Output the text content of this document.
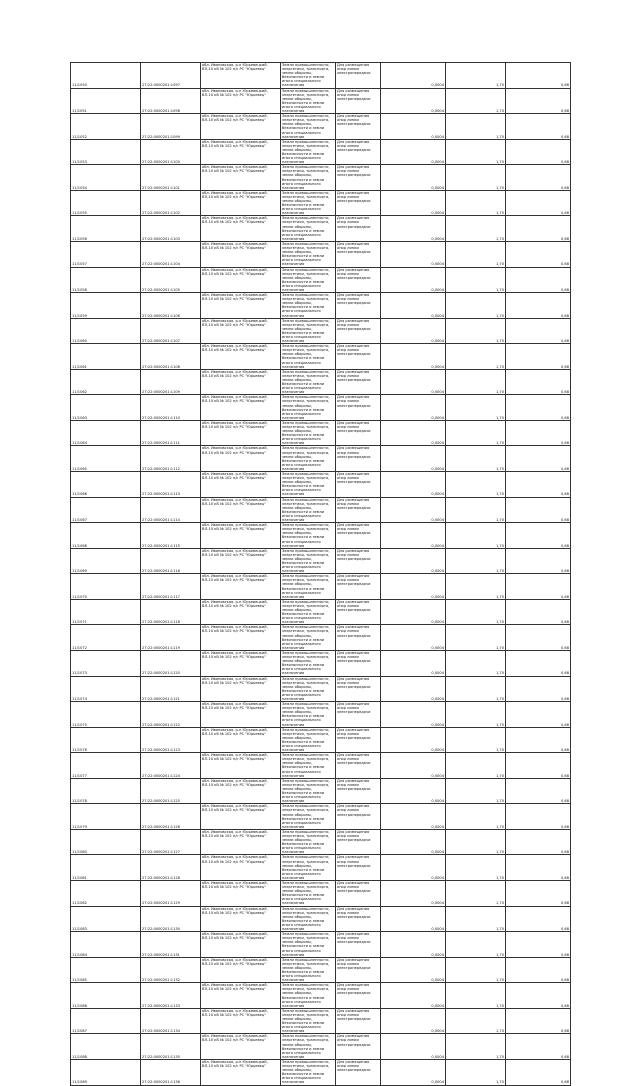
11/1050	27:22:0000201:1097	обл. Ивановская, р-н Юрьевецкий, ВЛ-10 кВ № 102 п/с РС "Юрьевец"	Земли промышленности, энергетики, транспорта, земли обороны, безопасности и земли иного специального назначения	Для размещения опор линии электропередачи	0,0004	1,70	0,68
11/1051	27:22:0000201:1098	обл. Ивановская, р-н Юрьевецкий, ВЛ-10 кВ № 102 п/с РС "Юрьевец"	Земли промышленности, энергетики, транспорта, земли обороны, безопасности и земли иного специального назначения	Для размещения опор линии электропередачи	0,0004	1,70	0,68
11/1052	27:22:0000201:1099	обл. Ивановская, р-н Юрьевецкий, ВЛ-10 кВ № 102 п/с РС "Юрьевец"	Земли промышленности, энергетики, транспорта, земли обороны, безопасности и земли иного специального назначения	Для размещения опор линии электропередачи	0,0004	1,70	0,68
11/1053	27:22:0000201:1100	обл. Ивановская, р-н Юрьевецкий, ВЛ-10 кВ № 102 п/с РС "Юрьевец"	Земли промышленности, энергетики, транспорта, земли обороны, безопасности и земли иного специального назначения	Для размещения опор линии электропередачи	0,0004	1,70	0,68
11/1054	27:22:0000201:1101	обл. Ивановская, р-н Юрьевецкий, ВЛ-10 кВ № 102 п/с РС "Юрьевец"	Земли промышленности, энергетики, транспорта, земли обороны, безопасности и земли иного специального назначения	Для размещения опор линии электропередачи	0,0004	1,70	0,68
11/1055	27:22:0000201:1102	обл. Ивановская, р-н Юрьевецкий, ВЛ-10 кВ № 102 п/с РС "Юрьевец"	Земли промышленности, энергетики, транспорта, земли обороны, безопасности и земли иного специального назначения	Для размещения опор линии электропередачи	0,0004	1,70	0,68
11/1056	27:22:0000201:1103	обл. Ивановская, р-н Юрьевецкий, ВЛ-10 кВ № 102 п/с РС "Юрьевец"	Земли промышленности, энергетики, транспорта, земли обороны, безопасности и земли иного специального назначения	Для размещения опор линии электропередачи	0,0004	1,70	0,68
11/1057	27:22:0000201:1104	обл. Ивановская, р-н Юрьевецкий, ВЛ-10 кВ № 102 п/с РС "Юрьевец"	Земли промышленности, энергетики, транспорта, земли обороны, безопасности и земли иного специального назначения	Для размещения опор линии электропередачи	0,0004	1,70	0,68
11/1058	27:22:0000201:1105	обл. Ивановская, р-н Юрьевецкий, ВЛ-10 кВ № 102 п/с РС "Юрьевец"	Земли промышленности, энергетики, транспорта, земли обороны, безопасности и земли иного специального назначения	Для размещения опор линии электропередачи	0,0004	1,70	0,68
11/1059	27:22:0000201:1106	обл. Ивановская, р-н Юрьевецкий, ВЛ-10 кВ № 102 п/с РС "Юрьевец"	Земли промышленности, энергетики, транспорта, земли обороны, безопасности и земли иного специального назначения	Для размещения опор линии электропередачи	0,0004	1,70	0,68
11/1060	27:22:0000201:1107	обл. Ивановская, р-н Юрьевецкий, ВЛ-10 кВ № 102 п/с РС "Юрьевец"	Земли промышленности, энергетики, транспорта, земли обороны, безопасности и земли иного специального назначения	Для размещения опор линии электропередачи	0,0004	1,70	0,68
11/1061	27:22:0000201:1108	обл. Ивановская, р-н Юрьевецкий, ВЛ-10 кВ № 102 п/с РС "Юрьевец"	Земли промышленности, энергетики, транспорта, земли обороны, безопасности и земли иного специального назначения	Для размещения опор линии электропередачи	0,0004	1,70	0,68
11/1062	27:22:0000201:1109	обл. Ивановская, р-н Юрьевецкий, ВЛ-10 кВ № 102 п/с РС "Юрьевец"	Земли промышленности, энергетики, транспорта, земли обороны, безопасности и земли иного специального назначения	Для размещения опор линии электропередачи	0,0004	1,70	0,68
11/1063	27:22:0000201:1110	обл. Ивановская, р-н Юрьевецкий, ВЛ-10 кВ № 102 п/с РС "Юрьевец"	Земли промышленности, энергетики, транспорта, земли обороны, безопасности и земли иного специального назначения	Для размещения опор линии электропередачи	0,0004	1,70	0,68
11/1064	27:22:0000201:1111	обл. Ивановская, р-н Юрьевецкий, ВЛ-10 кВ № 102 п/с РС "Юрьевец"	Земли промышленности, энергетики, транспорта, земли обороны, безопасности и земли иного специального назначения	Для размещения опор линии электропередачи	0,0004	1,70	0,68
11/1065	27:22:0000201:1112	обл. Ивановская, р-н Юрьевецкий, ВЛ-10 кВ № 102 п/с РС "Юрьевец"	Земли промышленности, энергетики, транспорта, земли обороны, безопасности и земли иного специального назначения	Для размещения опор линии электропередачи	0,0004	1,70	0,68
11/1066	27:22:0000201:1113	обл. Ивановская, р-н Юрьевецкий, ВЛ-10 кВ № 102 п/с РС "Юрьевец"	Земли промышленности, энергетики, транспорта, земли обороны, безопасности и земли иного специального назначения	Для размещения опор линии электропередачи	0,0004	1,70	0,68
11/1067	27:22:0000201:1114	обл. Ивановская, р-н Юрьевецкий, ВЛ-10 кВ № 102 п/с РС "Юрьевец"	Земли промышленности, энергетики, транспорта, земли обороны, безопасности и земли иного специального назначения	Для размещения опор линии электропередачи	0,0004	1,70	0,68
11/1068	27:22:0000201:1115	обл. Ивановская, р-н Юрьевецкий, ВЛ-10 кВ № 102 п/с РС "Юрьевец"	Земли промышленности, энергетики, транспорта, земли обороны, безопасности и земли иного специального назначения	Для размещения опор линии электропередачи	0,0004	1,70	0,68
11/1069	27:22:0000201:1116	обл. Ивановская, р-н Юрьевецкий, ВЛ-10 кВ № 102 п/с РС "Юрьевец"	Земли промышленности, энергетики, транспорта, земли обороны, безопасности и земли иного специального назначения	Для размещения опор линии электропередачи	0,0004	1,70	0,68
11/1070	27:22:0000201:1117	обл. Ивановская, р-н Юрьевецкий, ВЛ-10 кВ № 102 п/с РС "Юрьевец"	Земли промышленности, энергетики, транспорта, земли обороны, безопасности и земли иного специального назначения	Для размещения опор линии электропередачи	0,0004	1,70	0,68
11/1071	27:22:0000201:1118	обл. Ивановская, р-н Юрьевецкий, ВЛ-10 кВ № 102 п/с РС "Юрьевец"	Земли промышленности, энергетики, транспорта, земли обороны, безопасности и земли иного специального назначения	Для размещения опор линии электропередачи	0,0004	1,70	0,68
11/1072	27:22:0000201:1119	обл. Ивановская, р-н Юрьевецкий, ВЛ-10 кВ № 102 п/с РС "Юрьевец"	Земли промышленности, энергетики, транспорта, земли обороны, безопасности и земли иного специального назначения	Для размещения опор линии электропередачи	0,0004	1,70	0,68
11/1073	27:22:0000201:1120	обл. Ивановская, р-н Юрьевецкий, ВЛ-10 кВ № 102 п/с РС "Юрьевец"	Земли промышленности, энергетики, транспорта, земли обороны, безопасности и земли иного специального назначения	Для размещения опор линии электропередачи	0,0004	1,70	0,68
11/1074	27:22:0000201:1121	обл. Ивановская, р-н Юрьевецкий, ВЛ-10 кВ № 102 п/с РС "Юрьевец"	Земли промышленности, энергетики, транспорта, земли обороны, безопасности и земли иного специального назначения	Для размещения опор линии электропередачи	0,0004	1,70	0,68
11/1075	27:22:0000201:1122	обл. Ивановская, р-н Юрьевецкий, ВЛ-10 кВ № 102 п/с РС "Юрьевец"	Земли промышленности, энергетики, транспорта, земли обороны, безопасности и земли иного специального назначения	Для размещения опор линии электропередачи	0,0004	1,70	0,68
11/1076	27:22:0000201:1123	обл. Ивановская, р-н Юрьевецкий, ВЛ-10 кВ № 102 п/с РС "Юрьевец"	Земли промышленности, энергетики, транспорта, земли обороны, безопасности и земли иного специального назначения	Для размещения опор линии электропередачи	0,0004	1,70	0,68
11/1077	27:22:0000201:1124	обл. Ивановская, р-н Юрьевецкий, ВЛ-10 кВ № 102 п/с РС "Юрьевец"	Земли промышленности, энергетики, транспорта, земли обороны, безопасности и земли иного специального назначения	Для размещения опор линии электропередачи	0,0004	1,70	0,68
11/1078	27:22:0000201:1125	обл. Ивановская, р-н Юрьевецкий, ВЛ-10 кВ № 102 п/с РС "Юрьевец"	Земли промышленности, энергетики, транспорта, земли обороны, безопасности и земли иного специального назначения	Для размещения опор линии электропередачи	0,0004	1,70	0,68
11/1079	27:22:0000201:1126	обл. Ивановская, р-н Юрьевецкий, ВЛ-10 кВ № 102 п/с РС "Юрьевец"	Земли промышленности, энергетики, транспорта, земли обороны, безопасности и земли иного специального назначения	Для размещения опор линии электропередачи	0,0004	1,70	0,68
11/1080	27:22:0000201:1127	обл. Ивановская, р-н Юрьевецкий, ВЛ-10 кВ № 102 п/с РС "Юрьевец"	Земли промышленности, энергетики, транспорта, земли обороны, безопасности и земли иного специального назначения	Для размещения опор линии электропередачи	0,0004	1,70	0,68
11/1081	27:22:0000201:1128	обл. Ивановская, р-н Юрьевецкий, ВЛ-10 кВ № 102 п/с РС "Юрьевец"	Земли промышленности, энергетики, транспорта, земли обороны, безопасности и земли иного специального назначения	Для размещения опор линии электропередачи	0,0004	1,70	0,68
11/1082	27:22:0000201:1129	обл. Ивановская, р-н Юрьевецкий, ВЛ-10 кВ № 102 п/с РС "Юрьевец"	Земли промышленности, энергетики, транспорта, земли обороны, безопасности и земли иного специального назначения	Для размещения опор линии электропередачи	0,0004	1,70	0,68
11/1083	27:22:0000201:1130	обл. Ивановская, р-н Юрьевецкий, ВЛ-10 кВ № 102 п/с РС "Юрьевец"	Земли промышленности, энергетики, транспорта, земли обороны, безопасности и земли иного специального назначения	Для размещения опор линии электропередачи	0,0004	1,70	0,68
11/1084	27:22:0000201:1131	обл. Ивановская, р-н Юрьевецкий, ВЛ-10 кВ № 102 п/с РС "Юрьевец"	Земли промышленности, энергетики, транспорта, земли обороны, безопасности и земли иного специального назначения	Для размещения опор линии электропередачи	0,0004	1,70	0,68
11/1085	27:22:0000201:1132	обл. Ивановская, р-н Юрьевецкий, ВЛ-10 кВ № 102 п/с РС "Юрьевец"	Земли промышленности, энергетики, транспорта, земли обороны, безопасности и земли иного специального назначения	Для размещения опор линии электропередачи	0,0004	1,70	0,68
11/1086	27:22:0000201:1133	обл. Ивановская, р-н Юрьевецкий, ВЛ-10 кВ № 102 п/с РС "Юрьевец"	Земли промышленности, энергетики, транспорта, земли обороны, безопасности и земли иного специального назначения	Для размещения опор линии электропередачи	0,0004	1,70	0,68
11/1087	27:22:0000201:1134	обл. Ивановская, р-н Юрьевецкий, ВЛ-10 кВ № 102 п/с РС "Юрьевец"	Земли промышленности, энергетики, транспорта, земли обороны, безопасности и земли иного специального назначения	Для размещения опор линии электропередачи	0,0004	1,70	0,68
11/1088	27:22:0000201:1135	обл. Ивановская, р-н Юрьевецкий, ВЛ-10 кВ № 102 п/с РС "Юрьевец"	Земли промышленности, энергетики, транспорта, земли обороны, безопасности и земли иного специального назначения	Для размещения опор линии электропередачи	0,0004	1,70	0,68
11/1089	27:22:0000201:1136	обл. Ивановская, р-н Юрьевецкий, ВЛ-10 кВ № 102 п/с РС "Юрьевец"	Земли промышленности, энергетики, транспорта, земли обороны, безопасности и земли иного специального назначения	Для размещения опор линии электропередачи	0,0004	1,70	0,68
